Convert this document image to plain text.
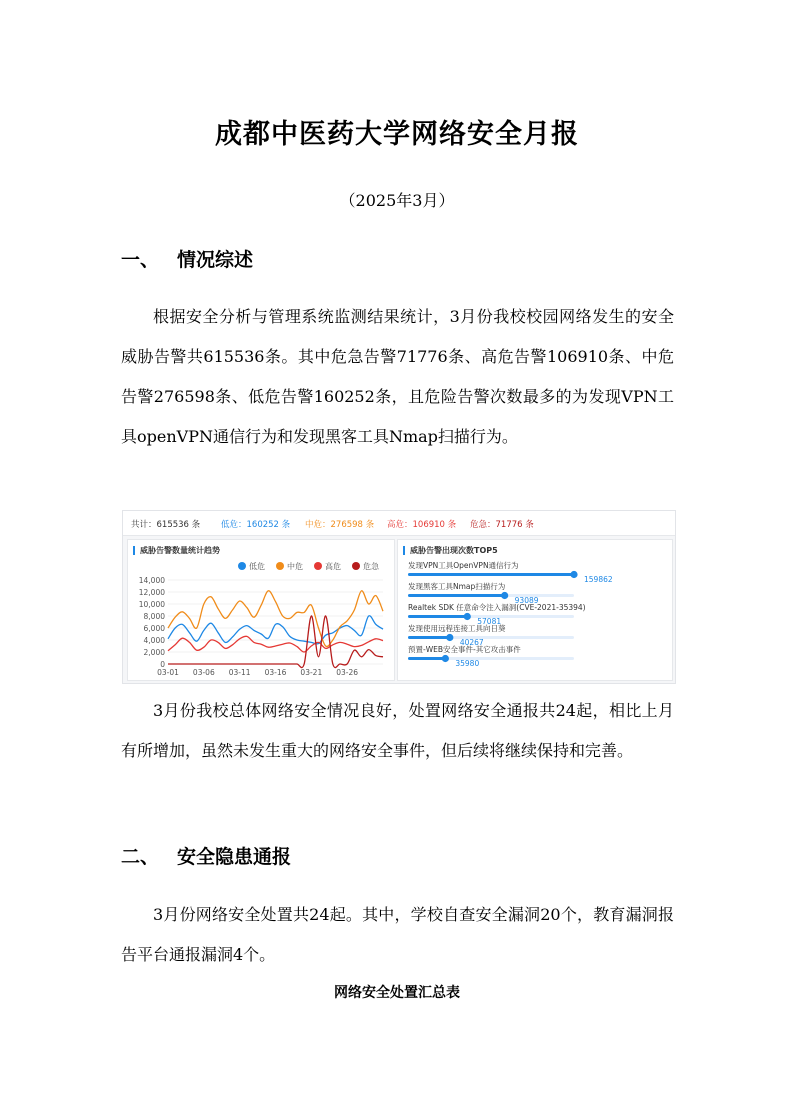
成都中医药大学网络安全月报
（2025年3月）
一、 情况综述
根据安全分析与管理系统监测结果统计，3月份我校校园网络发生的安全威胁告警共615536条。其中危急告警71776条、高危告警106910条、中危告警276598条、低危告警160252条，且危险告警次数最多的为发现VPN工具openVPN通信行为和发现黑客工具Nmap扫描行为。
共计：615536 条 低危：160252 条 中危：276598 条 高危：106910 条 危急：71776 条
威胁告警数量统计趋势
低危	中危	高危	危急
0
2,000
4,000
6,000
8,000
10,000
12,000
14,000
03-01 03-06 03-11 03-16 03-21 03-26
威胁告警出现次数TOP5
发现VPN工具OpenVPN通信行为
159862
发现黑客工具Nmap扫描行为
93089
Realtek SDK 任意命令注入漏洞(CVE-2021-35394)
57081
发现使用远程连接工具向日葵
40267
预置-WEB安全事件-其它攻击事件
35980
3月份我校总体网络安全情况良好，处置网络安全通报共24起，相比上月有所增加，虽然未发生重大的网络安全事件，但后续将继续保持和完善。
二、 安全隐患通报
3月份网络安全处置共24起。其中，学校自查安全漏洞20个，教育漏洞报告平台通报漏洞4个。
网络安全处置汇总表
